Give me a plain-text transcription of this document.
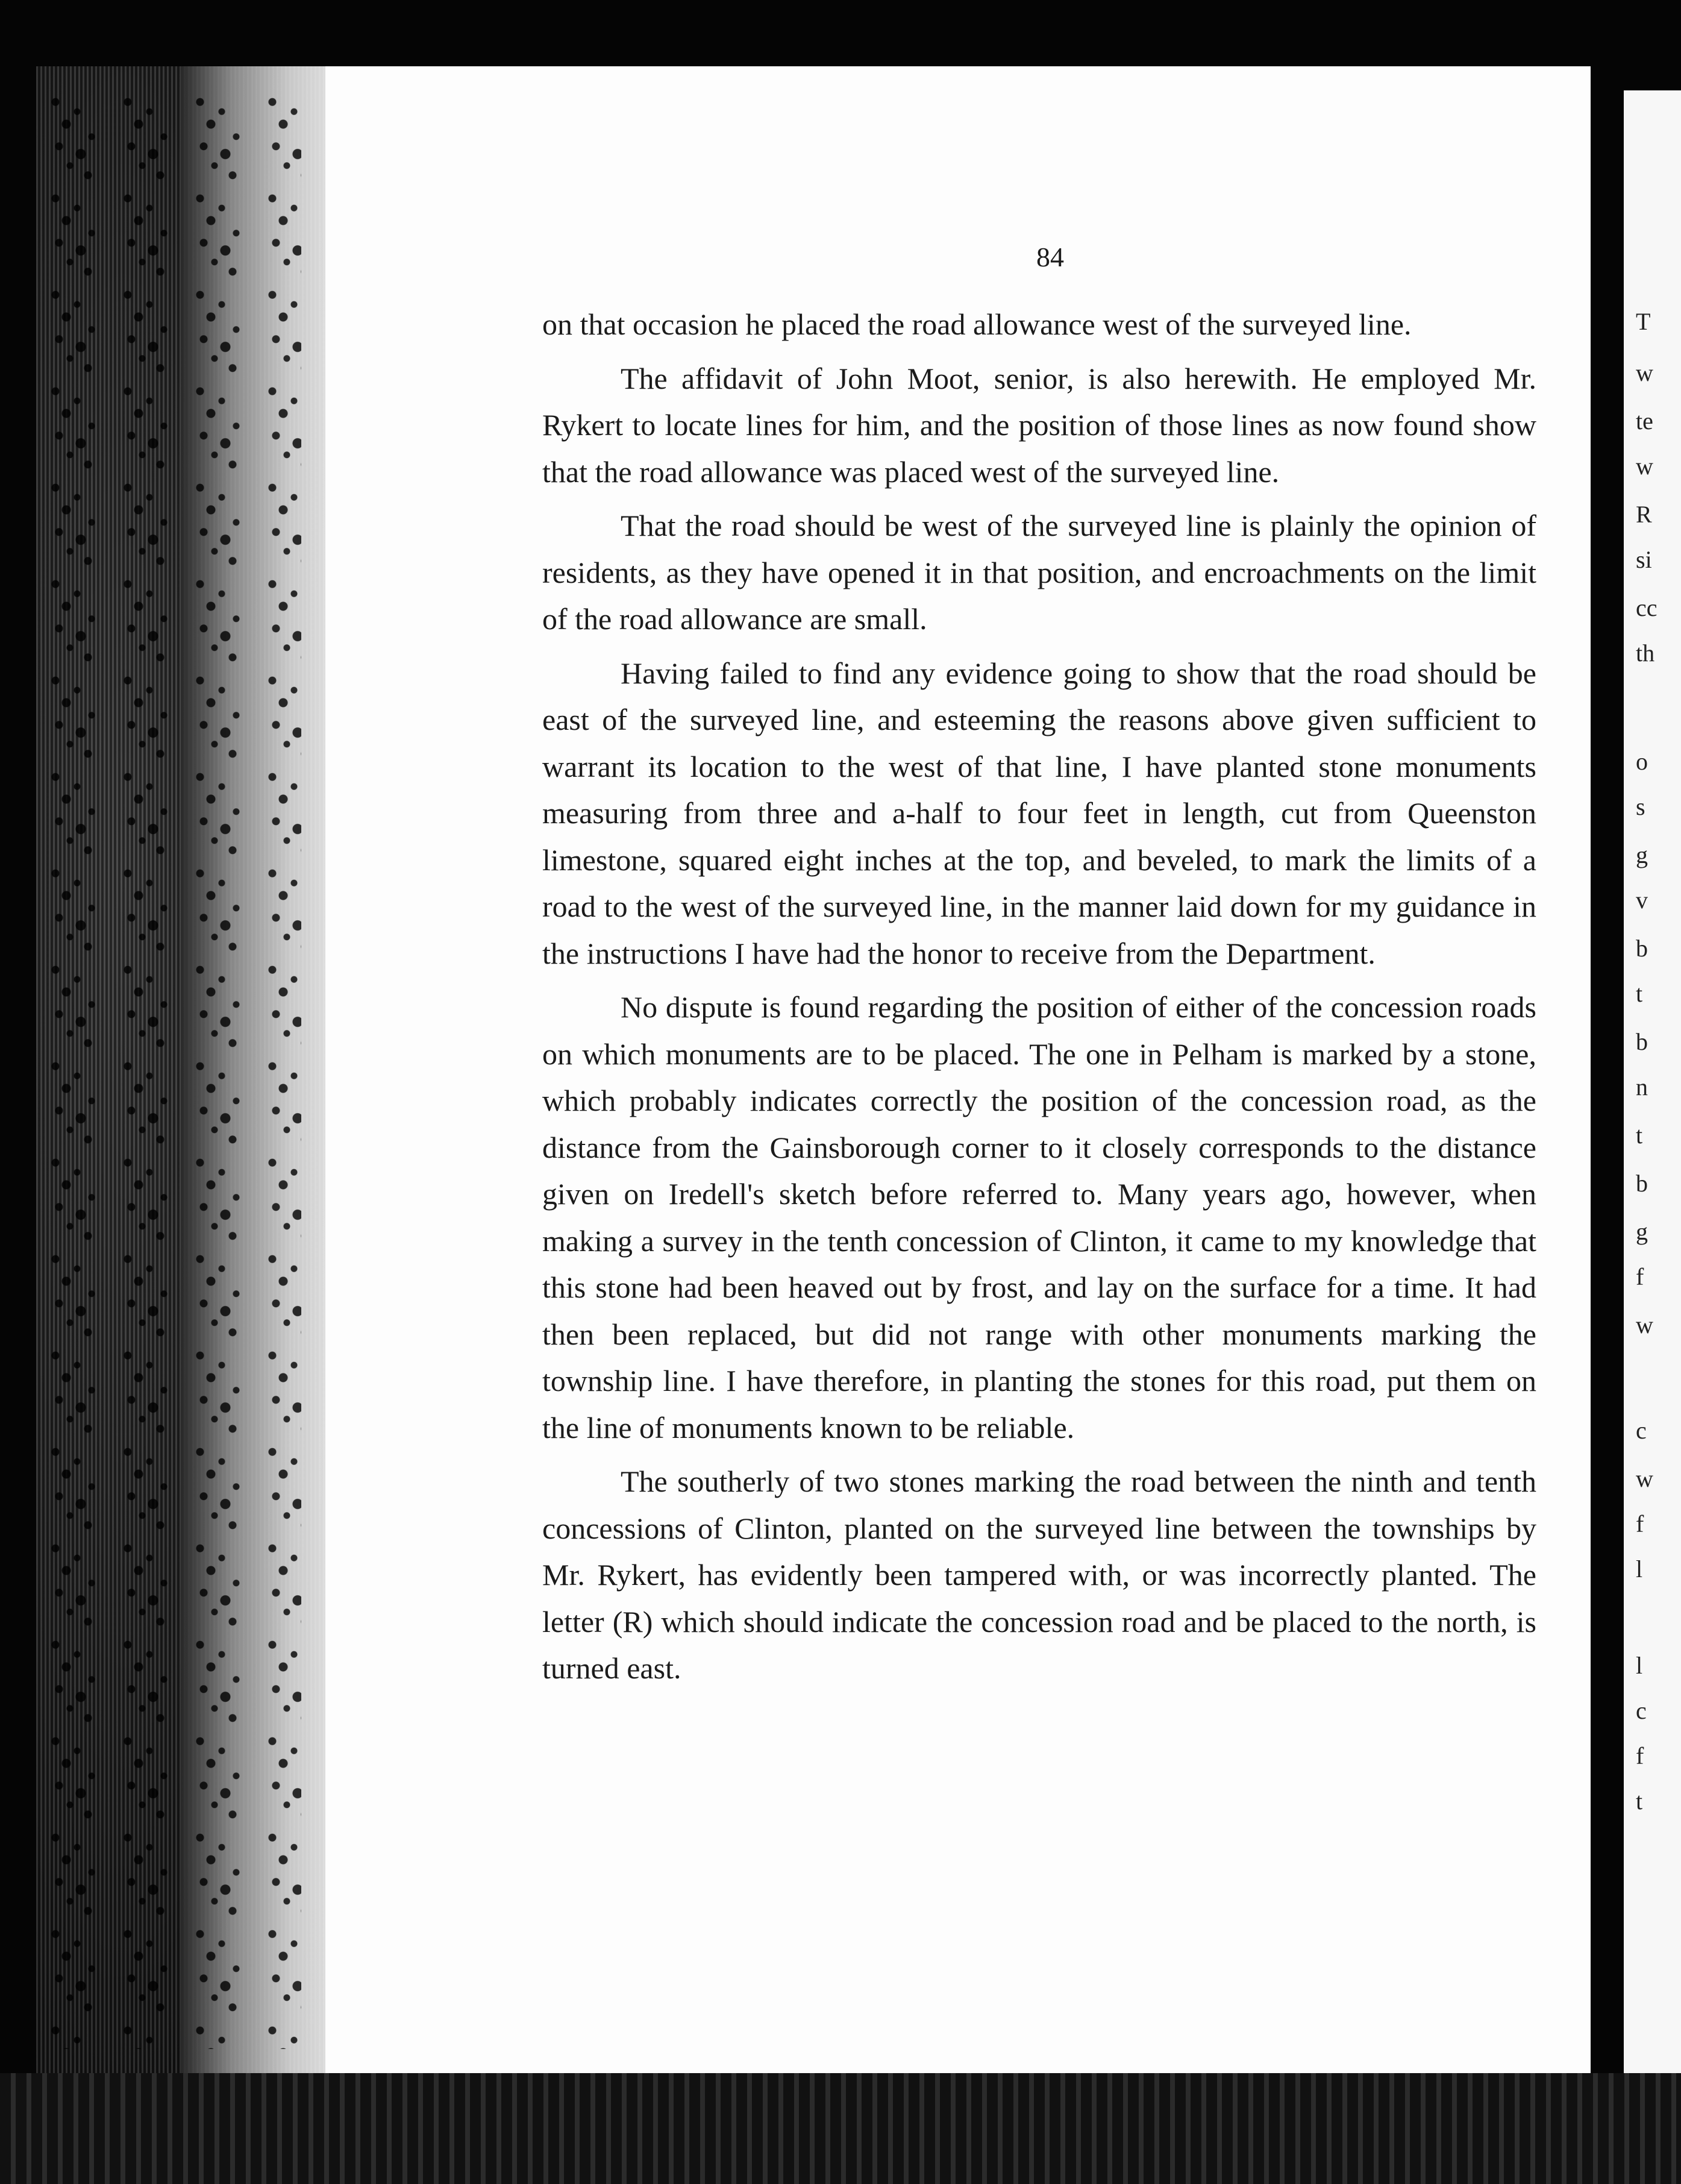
84

on that occasion he placed the road allowance west of the surveyed line.

The affidavit of John Moot, senior, is also herewith. He employed Mr. Rykert to locate lines for him, and the position of those lines as now found show that the road allowance was placed west of the surveyed line.

That the road should be west of the surveyed line is plainly the opinion of residents, as they have opened it in that position, and encroachments on the limit of the road allowance are small.

Having failed to find any evidence going to show that the road should be east of the surveyed line, and esteeming the reasons above given sufficient to warrant its location to the west of that line, I have planted stone monuments measuring from three and a-half to four feet in length, cut from Queenston limestone, squared eight inches at the top, and beveled, to mark the limits of a road to the west of the surveyed line, in the manner laid down for my guidance in the instructions I have had the honor to receive from the Department.

No dispute is found regarding the position of either of the concession roads on which monuments are to be placed. The one in Pelham is marked by a stone, which probably indicates correctly the position of the concession road, as the distance from the Gainsborough corner to it closely corresponds to the distance given on Iredell's sketch before referred to. Many years ago, however, when making a survey in the tenth concession of Clinton, it came to my knowledge that this stone had been heaved out by frost, and lay on the surface for a time. It had then been replaced, but did not range with other monuments marking the township line. I have therefore, in planting the stones for this road, put them on the line of monuments known to be reliable.

The southerly of two stones marking the road between the ninth and tenth concessions of Clinton, planted on the surveyed line between the townships by Mr. Rykert, has evidently been tampered with, or was incorrectly planted. The letter (R) which should indicate the concession road and be placed to the north, is turned east.

T
w
te
w
R
si
cc
th
o
s
g
v
b
t
b
n
t
b
g
f
w
c
w
f
l
l
c
f
t
